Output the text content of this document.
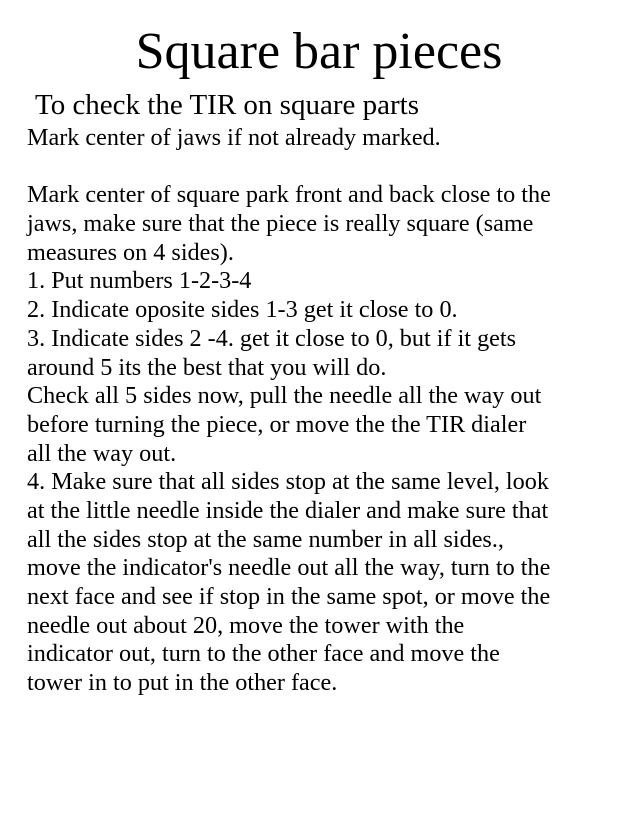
Square bar pieces
To check the TIR on square parts
Mark center of jaws if not already marked.
Mark center of square park front and back close to the
jaws, make sure that the piece is really square (same
measures on 4 sides).
1. Put numbers 1-2-3-4
2. Indicate oposite sides 1-3 get it close to 0.
3. Indicate sides 2 -4. get it close to 0, but if it gets
around 5 its the best that you will do.
Check all 5 sides now, pull the needle all the way out
before turning the piece, or move the the TIR dialer
all the way out.
4. Make sure that all sides stop at the same level, look
at the little needle inside the dialer and make sure that
all the sides stop at the same number in all sides.,
move the indicator's needle out all the way, turn to the
next face and see if stop in the same spot, or move the
needle out about 20, move the tower with the
indicator out, turn to the other face and move the
tower in to put in the other face.
